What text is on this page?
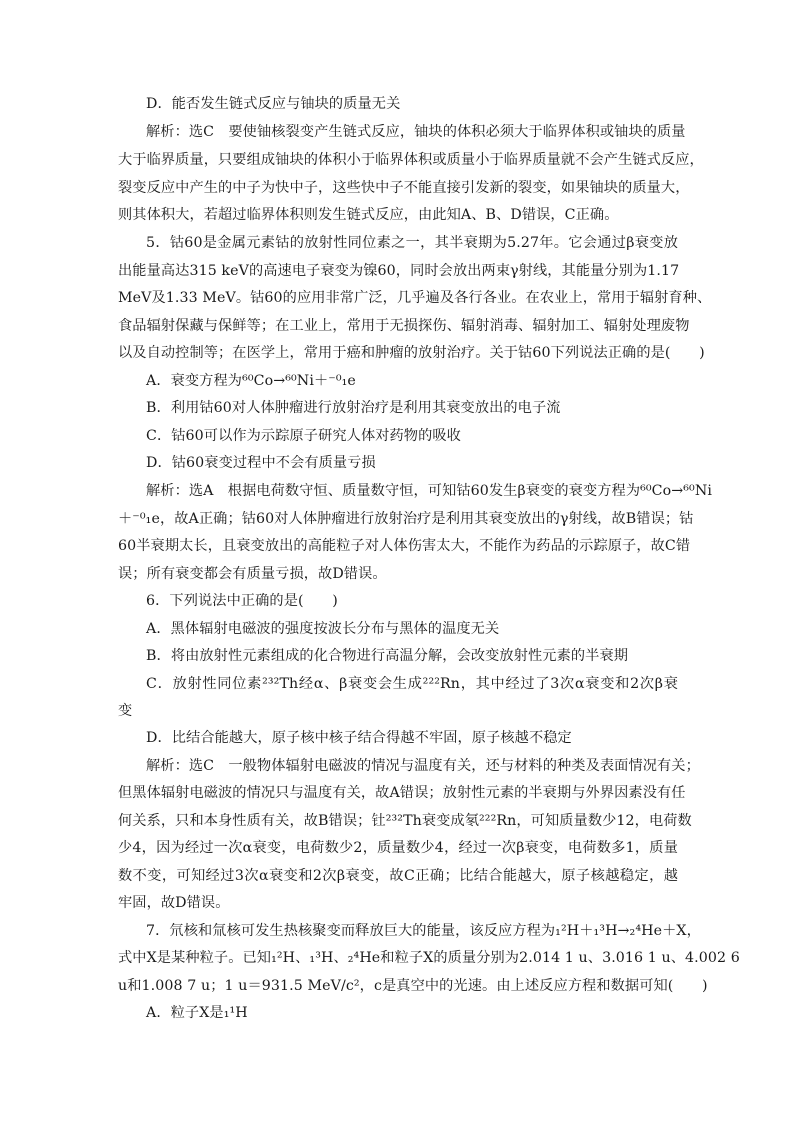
D．能否发生链式反应与铀块的质量无关
解析：选C　要使铀核裂变产生链式反应，铀块的体积必须大于临界体积或铀块的质量
大于临界质量，只要组成铀块的体积小于临界体积或质量小于临界质量就不会产生链式反应，
裂变反应中产生的中子为快中子，这些快中子不能直接引发新的裂变，如果铀块的质量大，
则其体积大，若超过临界体积则发生链式反应，由此知A、B、D错误，C正确。
5．钴60是金属元素钴的放射性同位素之一，其半衰期为5.27年。它会通过β衰变放
出能量高达315 keV的高速电子衰变为镍60，同时会放出两束γ射线，其能量分别为1.17
MeV及1.33 MeV。钴60的应用非常广泛，几乎遍及各行各业。在农业上，常用于辐射育种、
食品辐射保藏与保鲜等；在工业上，常用于无损探伤、辐射消毒、辐射加工、辐射处理废物
以及自动控制等；在医学上，常用于癌和肿瘤的放射治疗。关于钴60下列说法正确的是(　　)
A．衰变方程为⁶⁰Co→⁶⁰Ni＋⁻⁰₁e
B．利用钴60对人体肿瘤进行放射治疗是利用其衰变放出的电子流
C．钴60可以作为示踪原子研究人体对药物的吸收
D．钴60衰变过程中不会有质量亏损
解析：选A　根据电荷数守恒、质量数守恒，可知钴60发生β衰变的衰变方程为⁶⁰Co→⁶⁰Ni
＋⁻⁰₁e，故A正确；钴60对人体肿瘤进行放射治疗是利用其衰变放出的γ射线，故B错误；钴
60半衰期太长，且衰变放出的高能粒子对人体伤害太大，不能作为药品的示踪原子，故C错
误；所有衰变都会有质量亏损，故D错误。
6．下列说法中正确的是(　　)
A．黑体辐射电磁波的强度按波长分布与黑体的温度无关
B．将由放射性元素组成的化合物进行高温分解，会改变放射性元素的半衰期
C．放射性同位素²³²Th经α、β衰变会生成²²²Rn，其中经过了3次α衰变和2次β衰
变
D．比结合能越大，原子核中核子结合得越不牢固，原子核越不稳定
解析：选C　一般物体辐射电磁波的情况与温度有关，还与材料的种类及表面情况有关；
但黑体辐射电磁波的情况只与温度有关，故A错误；放射性元素的半衰期与外界因素没有任
何关系，只和本身性质有关，故B错误；钍²³²Th衰变成氡²²²Rn，可知质量数少12，电荷数
少4，因为经过一次α衰变，电荷数少2，质量数少4，经过一次β衰变，电荷数多1，质量
数不变，可知经过3次α衰变和2次β衰变，故C正确；比结合能越大，原子核越稳定，越
牢固，故D错误。
7．氘核和氚核可发生热核聚变而释放巨大的能量，该反应方程为₁²H＋₁³H→₂⁴He＋X，
式中X是某种粒子。已知₁²H、₁³H、₂⁴He和粒子X的质量分别为2.014 1 u、3.016 1 u、4.002 6
u和1.008 7 u；1 u＝931.5 MeV/c²，c是真空中的光速。由上述反应方程和数据可知(　　)
A．粒子X是₁¹H
